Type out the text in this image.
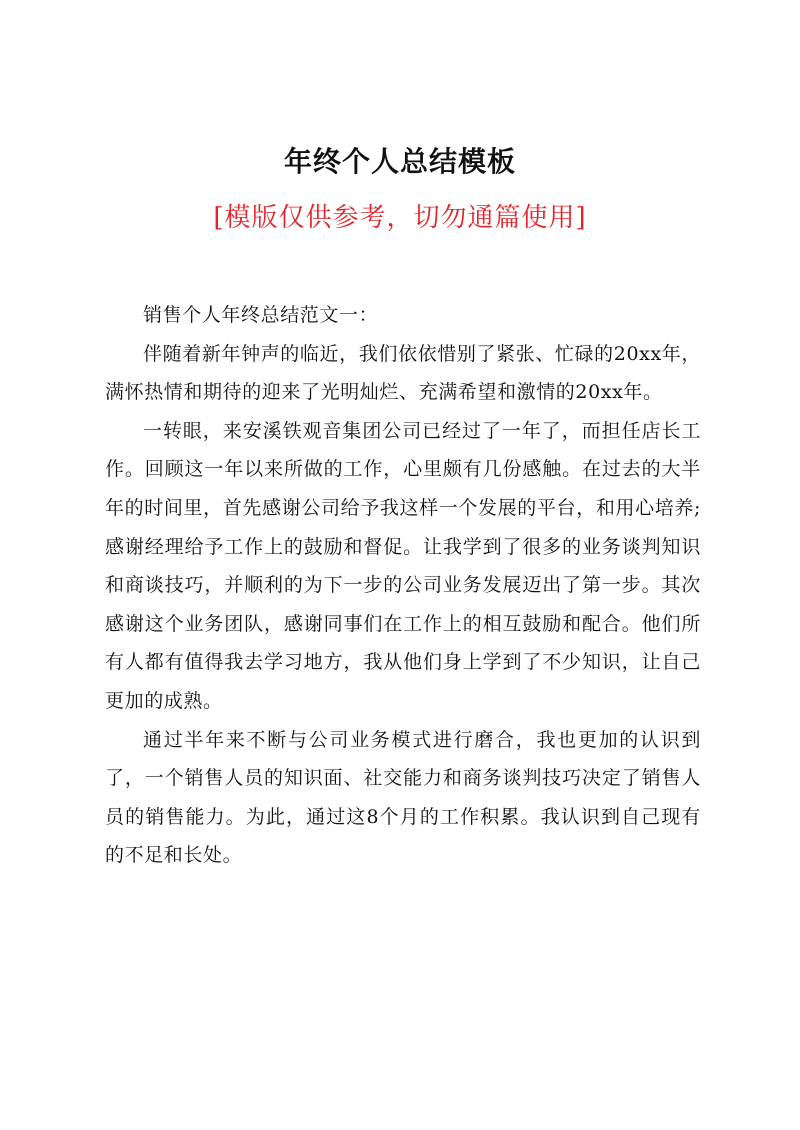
年终个人总结模板
[模版仅供参考，切勿通篇使用]

销售个人年终总结范文一：

伴随着新年钟声的临近，我们依依惜别了紧张、忙碌的20xx年，满怀热情和期待的迎来了光明灿烂、充满希望和激情的20xx年。

一转眼，来安溪铁观音集团公司已经过了一年了，而担任店长工作。回顾这一年以来所做的工作，心里颇有几份感触。在过去的大半年的时间里，首先感谢公司给予我这样一个发展的平台，和用心培养;感谢经理给予工作上的鼓励和督促。让我学到了很多的业务谈判知识和商谈技巧，并顺利的为下一步的公司业务发展迈出了第一步。其次感谢这个业务团队，感谢同事们在工作上的相互鼓励和配合。他们所有人都有值得我去学习地方，我从他们身上学到了不少知识，让自己更加的成熟。

通过半年来不断与公司业务模式进行磨合，我也更加的认识到了，一个销售人员的知识面、社交能力和商务谈判技巧决定了销售人员的销售能力。为此，通过这8个月的工作积累。我认识到自己现有的不足和长处。
